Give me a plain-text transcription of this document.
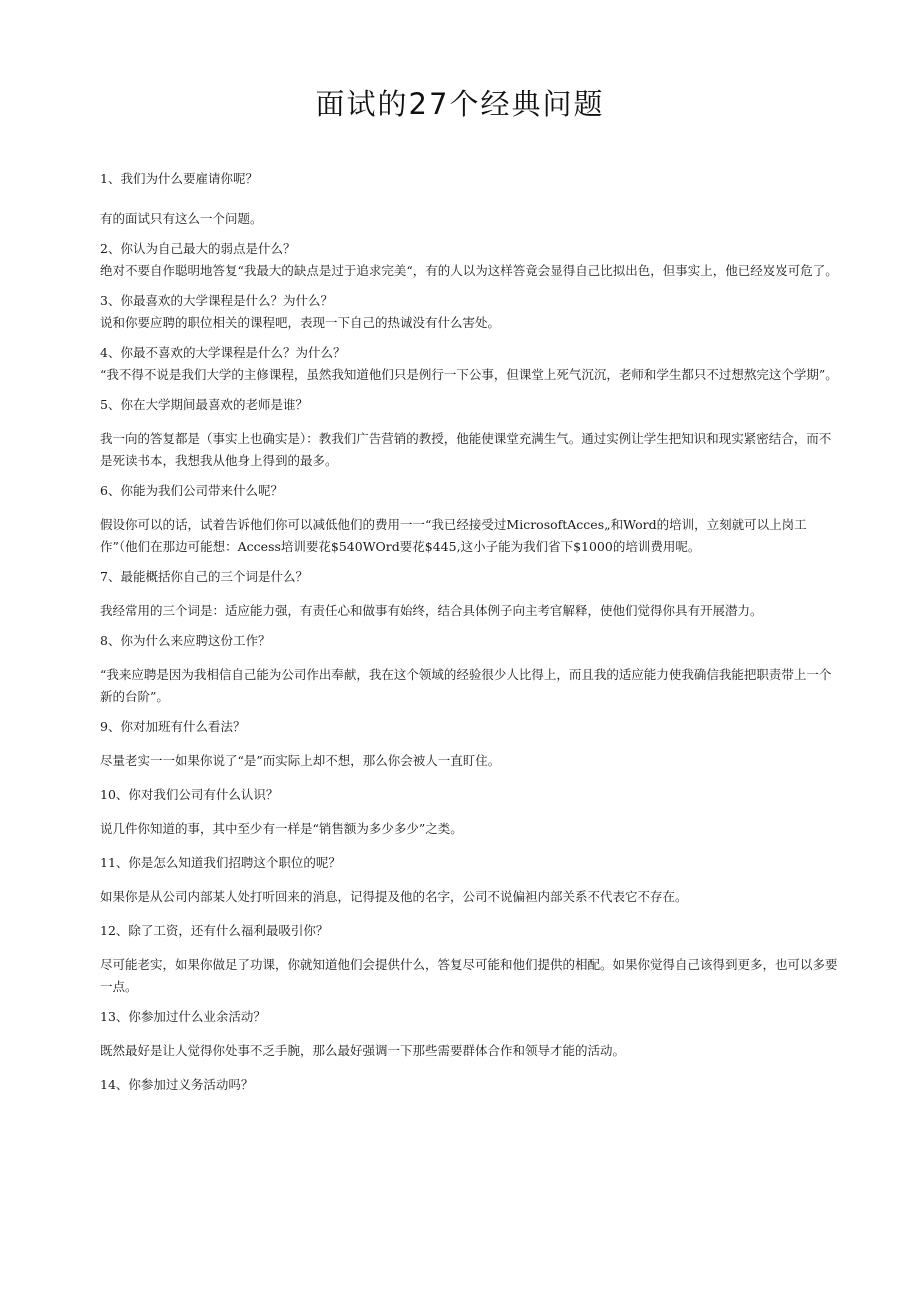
面试的27个经典问题

1、我们为什么要雇请你呢？

有的面试只有这么一个问题。

2、你认为自己最大的弱点是什么？

绝对不要自作聪明地答复“我最大的缺点是过于追求完美“，有的人以为这样答竟会显得自己比拟出色，但事实上，他已经岌岌可危了。

3、你最喜欢的大学课程是什么？为什么？

说和你要应聘的职位相关的课程吧，表现一下自己的热诚没有什么害处。

4、你最不喜欢的大学课程是什么？为什么？

“我不得不说是我们大学的主修课程，虽然我知道他们只是例行一下公事，但课堂上死气沉沉，老师和学生都只不过想熬完这个学期”。

5、你在大学期间最喜欢的老师是谁？

我一向的答复都是（事实上也确实是）：教我们广告营销的教授，他能使课堂充满生气。通过实例让学生把知识和现实紧密结合，而不是死读书本，我想我从他身上得到的最多。

6、你能为我们公司带来什么呢？

假设你可以的话，试着告诉他们你可以减低他们的费用一一“我已经接受过MicrosoftAcces„和Word的培训，立刻就可以上岗工作”（他们在那边可能想：Access培训要花$540WOrd要花$445,这小子能为我们省下$1000的培训费用呢。

7、最能概括你自己的三个词是什么？

我经常用的三个词是：适应能力强，有责任心和做事有始终，结合具体例子向主考官解释，使他们觉得你具有开展潜力。

8、你为什么来应聘这份工作？

“我来应聘是因为我相信自己能为公司作出奉献，我在这个领域的经验很少人比得上，而且我的适应能力使我确信我能把职责带上一个新的台阶”。

9、你对加班有什么看法？

尽量老实一一如果你说了“是”而实际上却不想，那么你会被人一直盯住。

10、你对我们公司有什么认识？

说几件你知道的事，其中至少有一样是“销售额为多少多少”之类。

11、你是怎么知道我们招聘这个职位的呢？

如果你是从公司内部某人处打听回来的消息，记得提及他的名字，公司不说偏袒内部关系不代表它不存在。

12、除了工资，还有什么福利最吸引你？

尽可能老实，如果你做足了功课，你就知道他们会提供什么，答复尽可能和他们提供的相配。如果你觉得自己该得到更多，也可以多要一点。

13、你参加过什么业余活动？

既然最好是让人觉得你处事不乏手腕，那么最好强调一下那些需要群体合作和领导才能的活动。

14、你参加过义务活动吗？
